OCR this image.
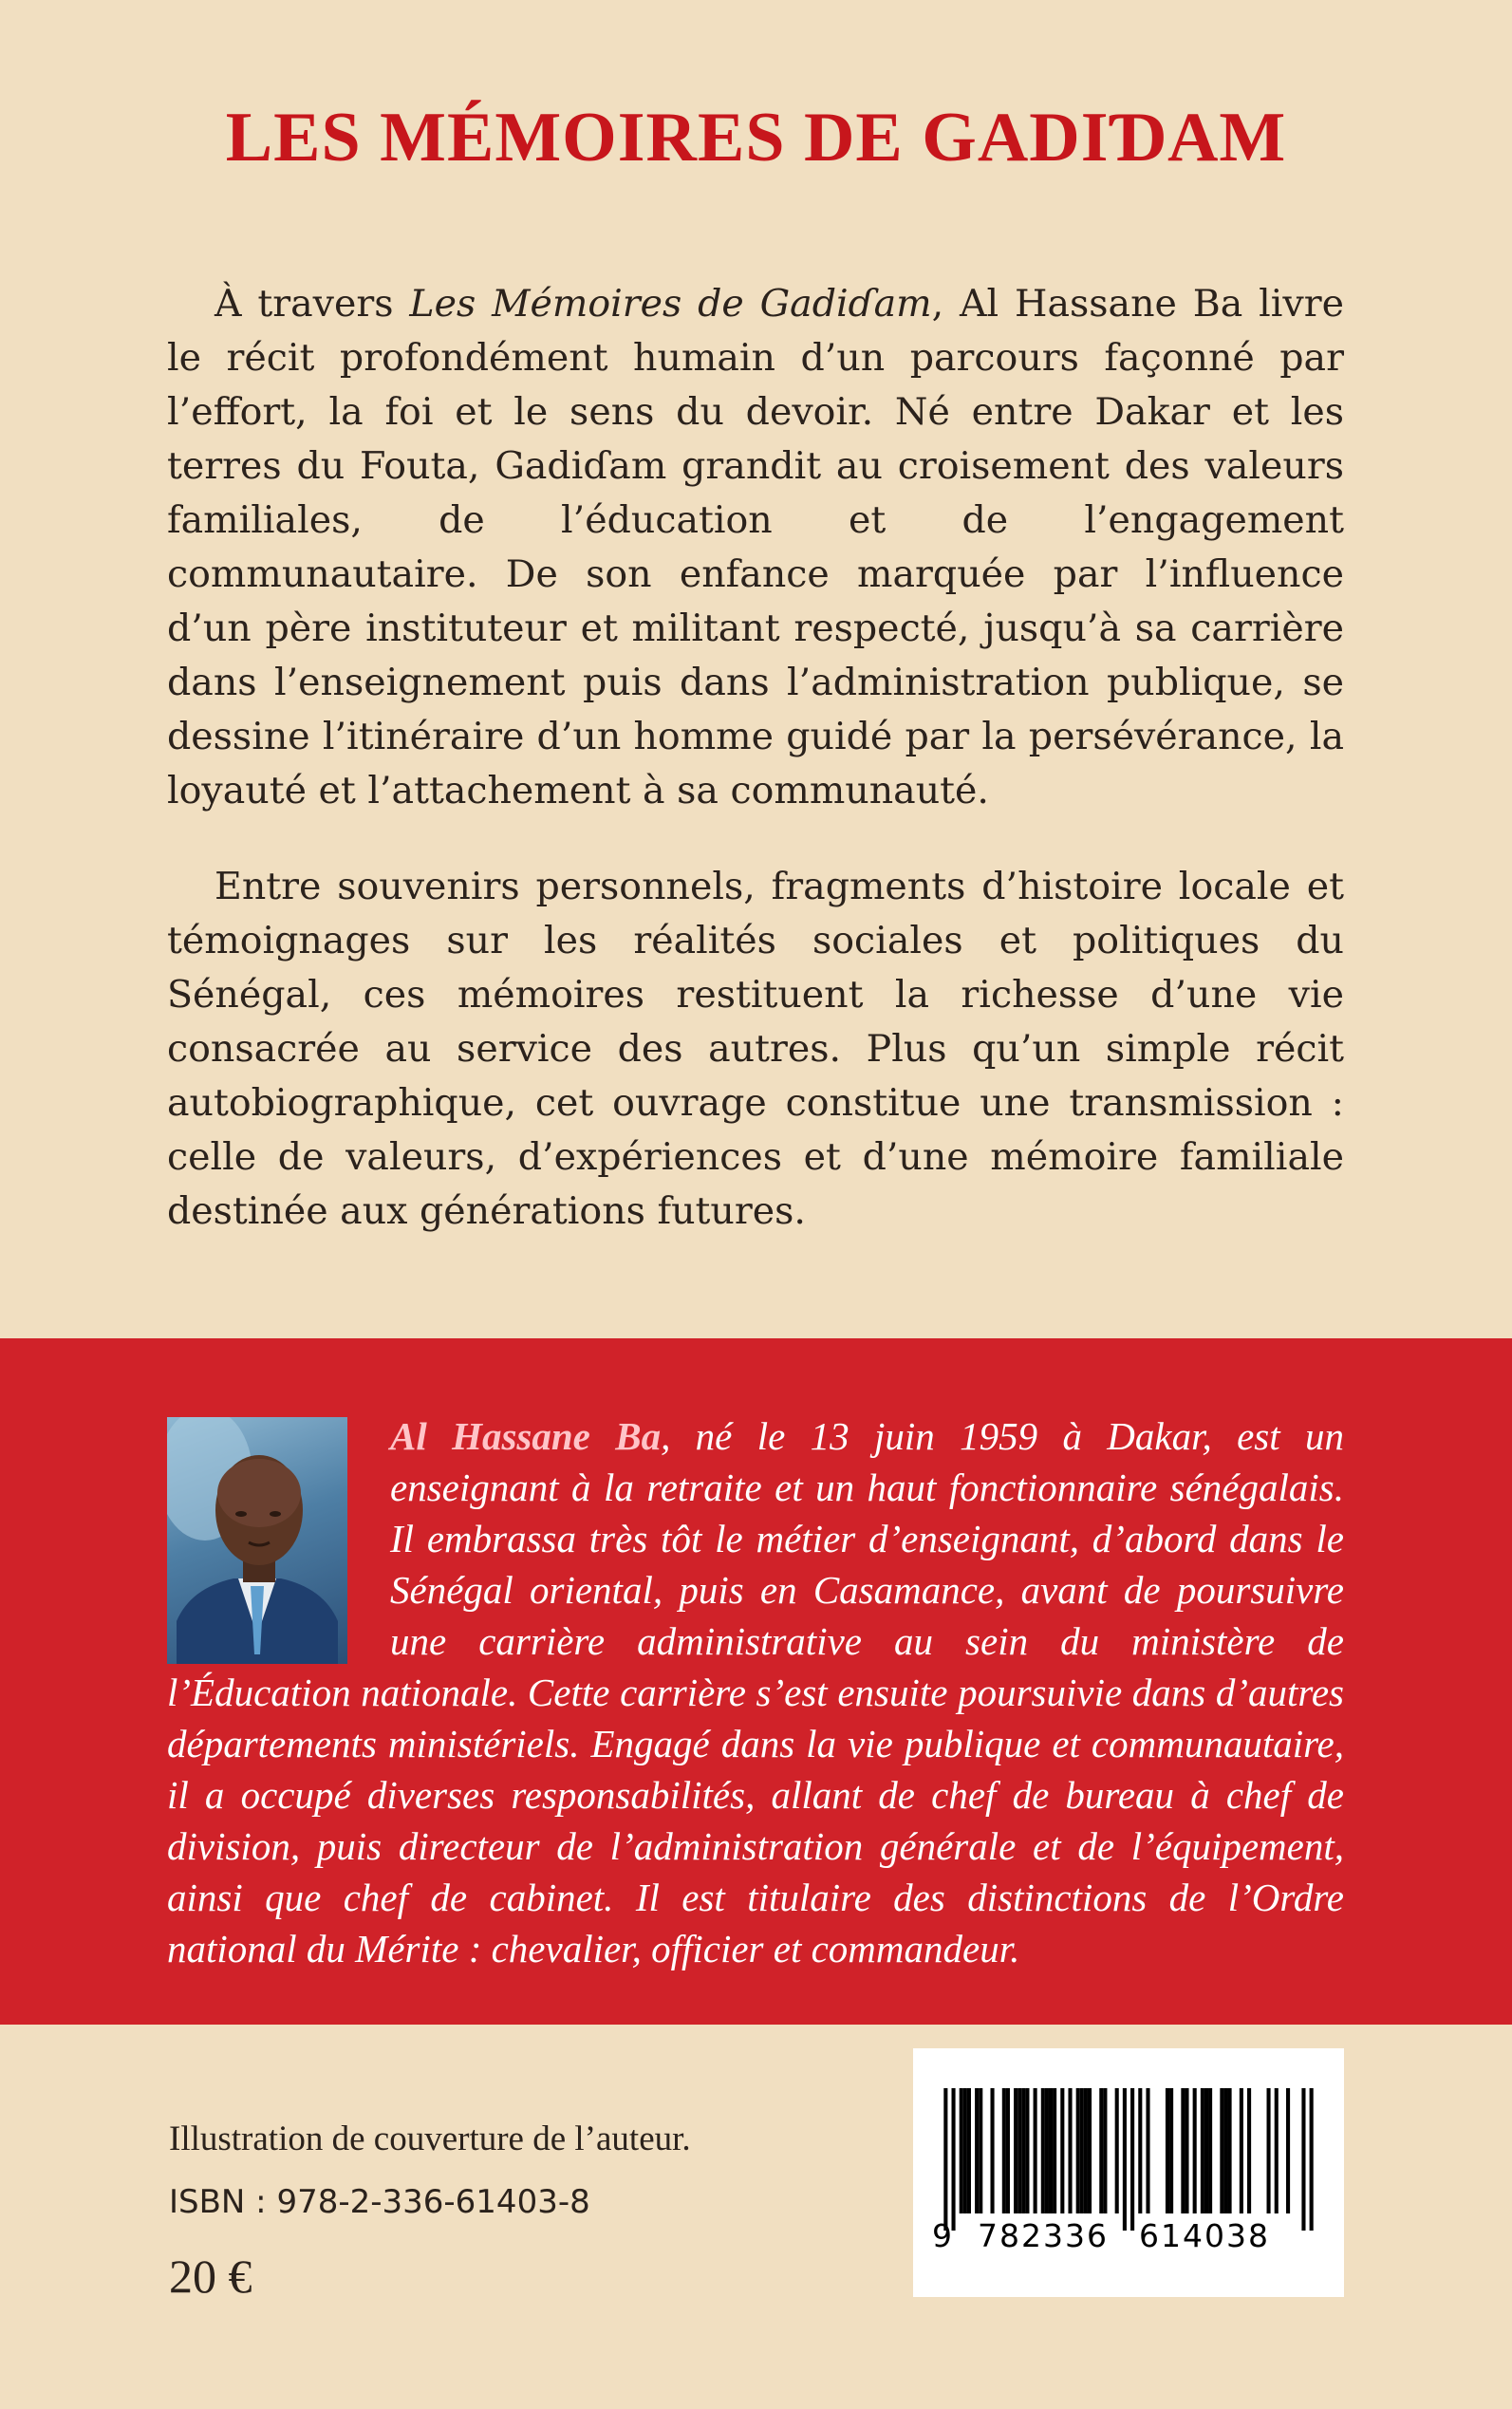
LES MÉMOIRES DE GADIƊAM

À travers Les Mémoires de Gadiɗam, Al Hassane Ba livre le récit profondément humain d’un parcours façonné par l’effort, la foi et le sens du devoir. Né entre Dakar et les terres du Fouta, Gadiɗam grandit au croisement des valeurs familiales, de l’éducation et de l’engagement communautaire. De son enfance marquée par l’influence d’un père instituteur et militant respecté, jusqu’à sa carrière dans l’enseignement puis dans l’administration publique, se dessine l’itinéraire d’un homme guidé par la persévérance, la loyauté et l’attachement à sa communauté.

Entre souvenirs personnels, fragments d’histoire locale et témoignages sur les réalités sociales et politiques du Sénégal, ces mémoires restituent la richesse d’une vie consacrée au service des autres. Plus qu’un simple récit autobiographique, cet ouvrage constitue une transmission : celle de valeurs, d’expériences et d’une mémoire familiale destinée aux générations futures.

Al Hassane Ba, né le 13 juin 1959 à Dakar, est un enseignant à la retraite et un haut fonctionnaire sénégalais. Il embrassa très tôt le métier d’enseignant, d’abord dans le Sénégal oriental, puis en Casamance, avant de poursuivre une carrière administrative au sein du ministère de l’Éducation nationale. Cette carrière s’est ensuite poursuivie dans d’autres départements ministériels. Engagé dans la vie publique et communautaire, il a occupé diverses responsabilités, allant de chef de bureau à chef de division, puis directeur de l’administration générale et de l’équipement, ainsi que chef de cabinet. Il est titulaire des distinctions de l’Ordre national du Mérite : chevalier, officier et commandeur.

Illustration de couverture de l’auteur.

ISBN : 978-2-336-61403-8

20 €

9 782336 614038
